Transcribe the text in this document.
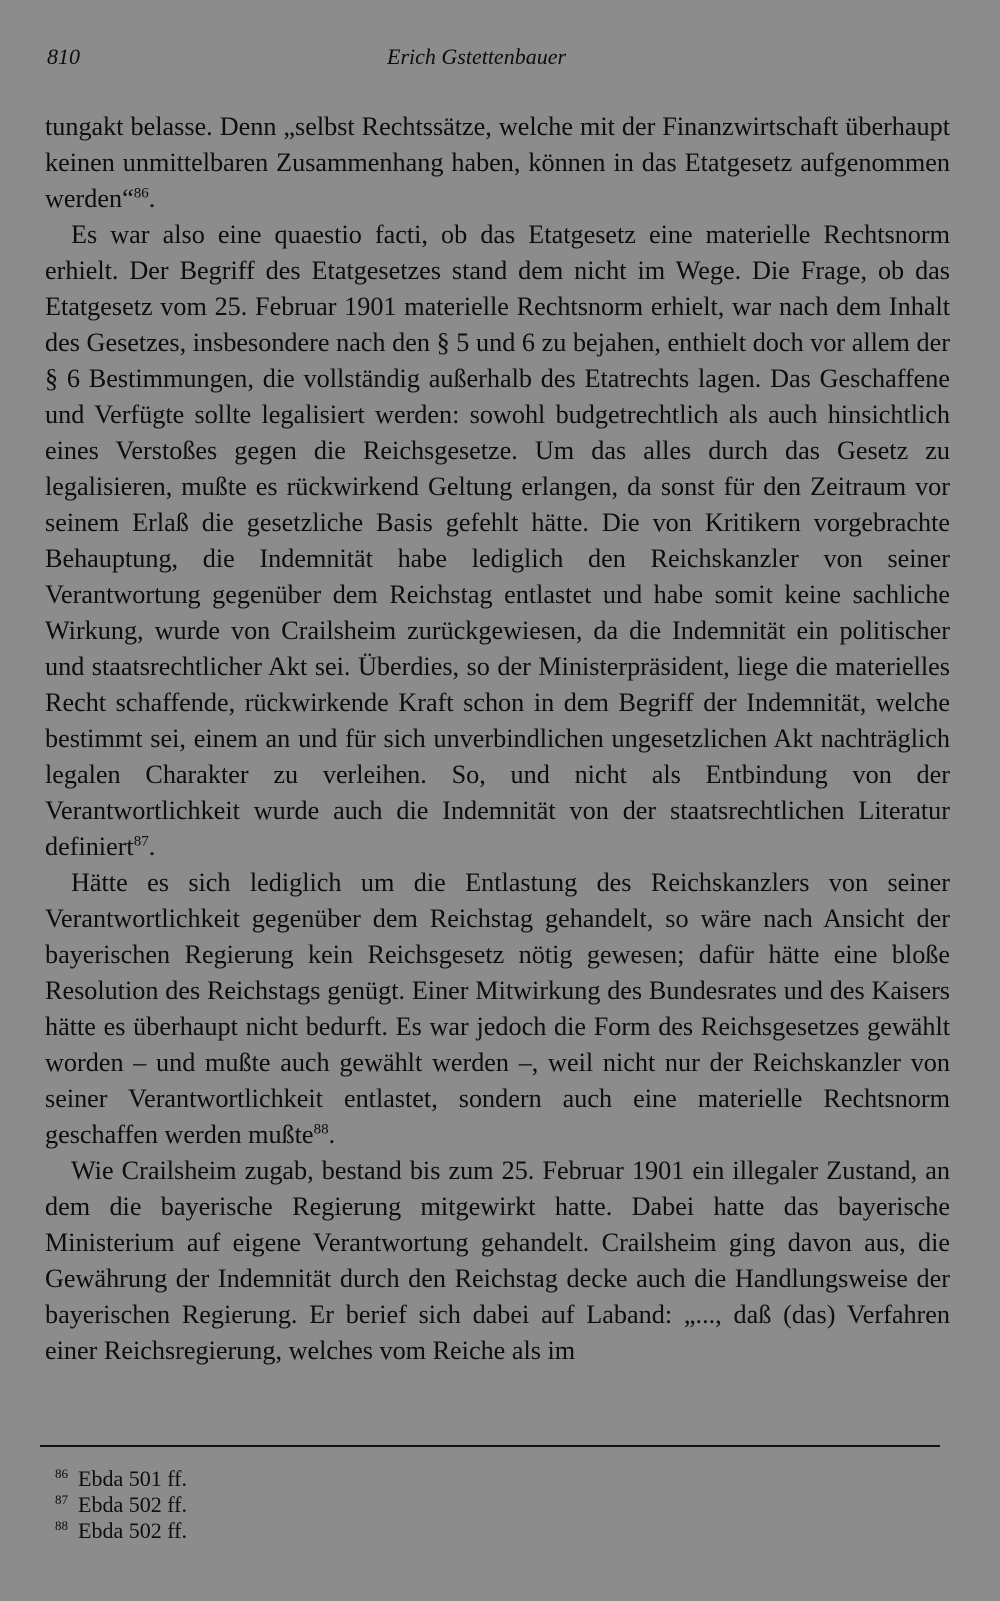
810	Erich Gstettenbauer

tungakt belasse. Denn „selbst Rechtssätze, welche mit der Finanzwirtschaft überhaupt keinen unmittelbaren Zusammenhang haben, können in das Etatgesetz aufgenommen werden“$^{86}$.

Es war also eine quaestio facti, ob das Etatgesetz eine materielle Rechtsnorm erhielt. Der Begriff des Etatgesetzes stand dem nicht im Wege. Die Frage, ob das Etatgesetz vom 25. Februar 1901 materielle Rechtsnorm erhielt, war nach dem Inhalt des Gesetzes, insbesondere nach den § 5 und 6 zu bejahen, enthielt doch vor allem der § 6 Bestimmungen, die vollständig außerhalb des Etatrechts lagen. Das Geschaffene und Verfügte sollte legalisiert werden: sowohl budgetrechtlich als auch hinsichtlich eines Verstoßes gegen die Reichsgesetze. Um das alles durch das Gesetz zu legalisieren, mußte es rückwirkend Geltung erlangen, da sonst für den Zeitraum vor seinem Erlaß die gesetzliche Basis gefehlt hätte. Die von Kritikern vorgebrachte Behauptung, die Indemnität habe lediglich den Reichskanzler von seiner Verantwortung gegenüber dem Reichstag entlastet und habe somit keine sachliche Wirkung, wurde von Crailsheim zurückgewiesen, da die Indemnität ein politischer und staatsrechtlicher Akt sei. Überdies, so der Ministerpräsident, liege die materielles Recht schaffende, rückwirkende Kraft schon in dem Begriff der Indemnität, welche bestimmt sei, einem an und für sich unverbindlichen ungesetzlichen Akt nachträglich legalen Charakter zu verleihen. So, und nicht als Entbindung von der Verantwortlichkeit wurde auch die Indemnität von der staatsrechtlichen Literatur definiert$^{87}$.

Hätte es sich lediglich um die Entlastung des Reichskanzlers von seiner Verantwortlichkeit gegenüber dem Reichstag gehandelt, so wäre nach Ansicht der bayerischen Regierung kein Reichsgesetz nötig gewesen; dafür hätte eine bloße Resolution des Reichstags genügt. Einer Mitwirkung des Bundesrates und des Kaisers hätte es überhaupt nicht bedurft. Es war jedoch die Form des Reichsgesetzes gewählt worden – und mußte auch gewählt werden –, weil nicht nur der Reichskanzler von seiner Verantwortlichkeit entlastet, sondern auch eine materielle Rechtsnorm geschaffen werden mußte$^{88}$.

Wie Crailsheim zugab, bestand bis zum 25. Februar 1901 ein illegaler Zustand, an dem die bayerische Regierung mitgewirkt hatte. Dabei hatte das bayerische Ministerium auf eigene Verantwortung gehandelt. Crailsheim ging davon aus, die Gewährung der Indemnität durch den Reichstag decke auch die Handlungsweise der bayerischen Regierung. Er berief sich dabei auf Laband: „..., daß (das) Verfahren einer Reichsregierung, welches vom Reiche als im

$^{86}$ Ebda 501 ff.
$^{87}$ Ebda 502 ff.
$^{88}$ Ebda 502 ff.
